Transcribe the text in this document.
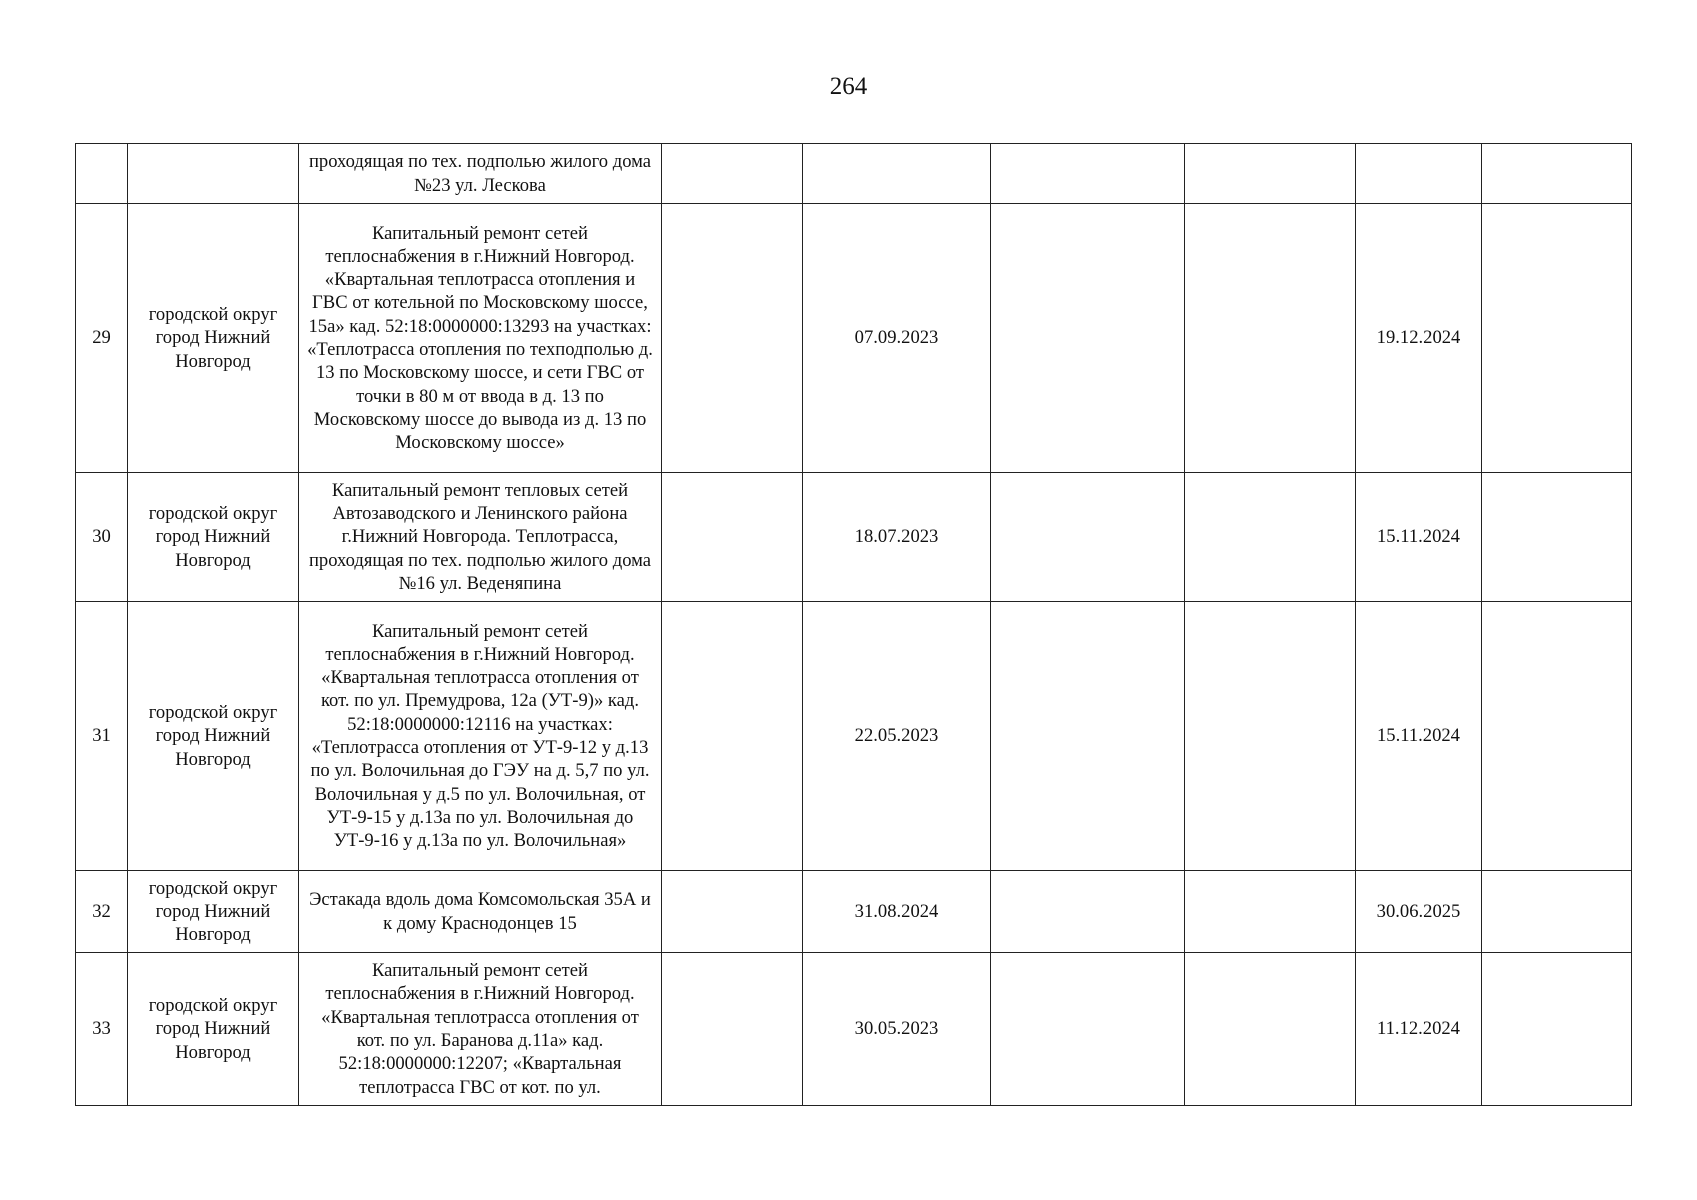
264
		проходящая по тех. подполью жилого дома №23 ул. Лескова						
29	городской округ город Нижний Новгород	Капитальный ремонт сетей теплоснабжения в г.Нижний Новгород. «Квартальная теплотрасса отопления и ГВС от котельной по Московскому шоссе, 15а» кад. 52:18:0000000:13293 на участках: «Теплотрасса отопления по техподполью д. 13 по Московскому шоссе, и сети ГВС от точки в 80 м от ввода в д. 13 по Московскому шоссе до вывода из д. 13 по Московскому шоссе»		07.09.2023			19.12.2024	
30	городской округ город Нижний Новгород	Капитальный ремонт тепловых сетей Автозаводского и Ленинского района г.Нижний Новгорода. Теплотрасса, проходящая по тех. подполью жилого дома №16 ул. Веденяпина		18.07.2023			15.11.2024	
31	городской округ город Нижний Новгород	Капитальный ремонт сетей теплоснабжения в г.Нижний Новгород. «Квартальная теплотрасса отопления от кот. по ул. Премудрова, 12а (УТ-9)» кад. 52:18:0000000:12116 на участках: «Теплотрасса отопления от УТ-9-12 у д.13 по ул. Волочильная до ГЭУ на д. 5,7 по ул. Волочильная у д.5 по ул. Волочильная, от УТ-9-15 у д.13а по ул. Волочильная до УТ-9-16 у д.13а по ул. Волочильная»		22.05.2023			15.11.2024	
32	городской округ город Нижний Новгород	Эстакада вдоль дома Комсомольская 35А и к дому Краснодонцев 15		31.08.2024			30.06.2025	
33	городской округ город Нижний Новгород	Капитальный ремонт сетей теплоснабжения в г.Нижний Новгород. «Квартальная теплотрасса отопления от кот. по ул. Баранова д.11а» кад. 52:18:0000000:12207; «Квартальная теплотрасса ГВС от кот. по ул.		30.05.2023			11.12.2024	
